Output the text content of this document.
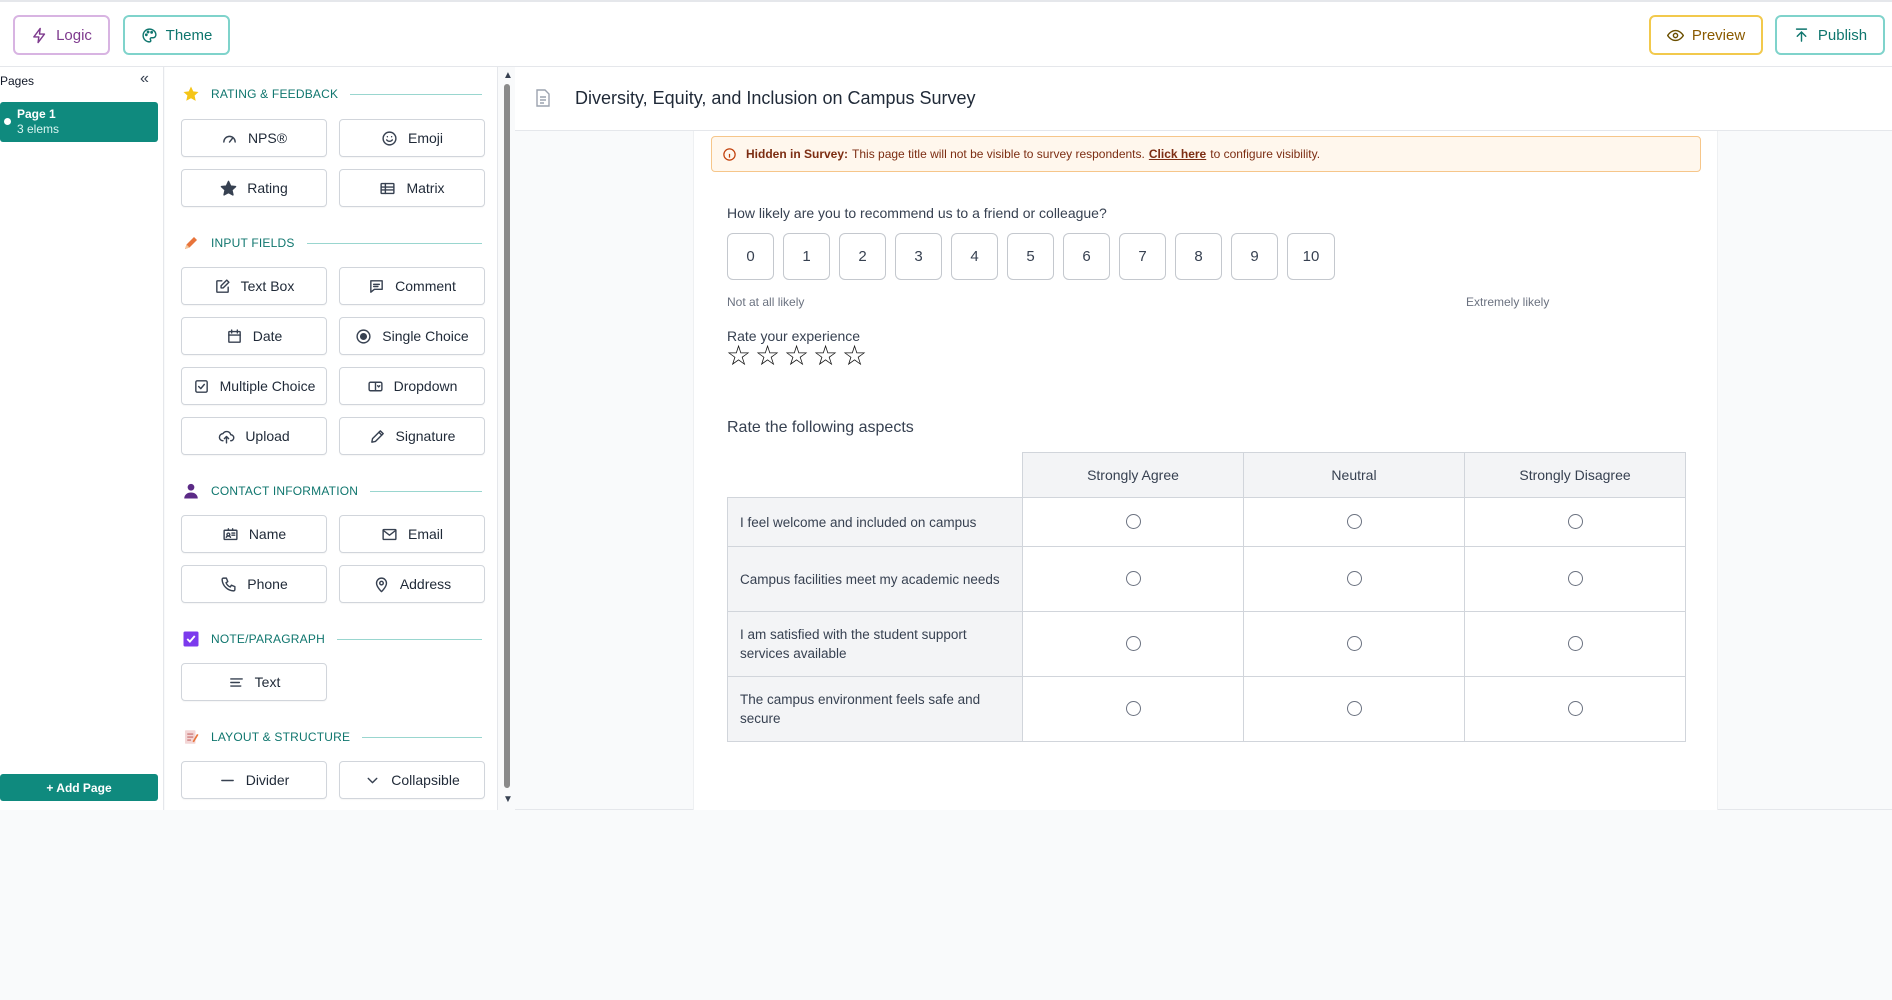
Logic	Theme	Preview	Publish
Pages	«
Page 1
3 elems
+ Add Page
RATING & FEEDBACK
NPS®	Emoji
Rating	Matrix
INPUT FIELDS
Text Box	Comment
Date	Single Choice
Multiple Choice	Dropdown
Upload	Signature
CONTACT INFORMATION
Name	Email
Phone	Address
NOTE/PARAGRAPH
Text
LAYOUT & STRUCTURE
Divider	Collapsible
▲
▼
Diversity, Equity, and Inclusion on Campus Survey
Hidden in Survey: This page title will not be visible to survey respondents. Click here to configure visibility.
How likely are you to recommend us to a friend or colleague?
0	1	2	3	4	5	6	7	8	9	10
Not at all likely	Extremely likely
Rate your experience
☆ ☆ ☆ ☆ ☆
Rate the following aspects
	Strongly Agree	Neutral	Strongly Disagree
I feel welcome and included on campus			
Campus facilities meet my academic needs			
I am satisfied with the student support services available			
The campus environment feels safe and secure			
